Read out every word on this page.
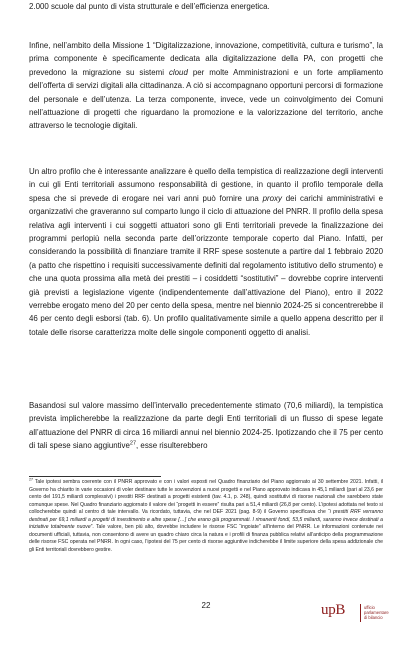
2.000 scuole dal punto di vista strutturale e dell’efficienza energetica.

Infine, nell’ambito della Missione 1 “Digitalizzazione, innovazione, competitività, cultura e turismo”, la prima componente è specificamente dedicata alla digitalizzazione della PA, con progetti che prevedono la migrazione su sistemi cloud per molte Amministrazioni e un forte ampliamento dell’offerta di servizi digitali alla cittadinanza. A ciò si accompagnano opportuni percorsi di formazione del personale e dell’utenza. La terza componente, invece, vede un coinvolgimento dei Comuni nell’attuazione di progetti che riguardano la promozione e la valorizzazione del territorio, anche attraverso le tecnologie digitali.

Un altro profilo che è interessante analizzare è quello della tempistica di realizzazione degli interventi in cui gli Enti territoriali assumono responsabilità di gestione, in quanto il profilo temporale della spesa che si prevede di erogare nei vari anni può fornire una proxy dei carichi amministrativi e organizzativi che graveranno sul comparto lungo il ciclo di attuazione del PNRR. Il profilo della spesa relativa agli interventi i cui soggetti attuatori sono gli Enti territoriali prevede la finalizzazione dei programmi perlopiù nella seconda parte dell’orizzonte temporale coperto dal Piano. Infatti, per considerando la possibilità di finanziare tramite il RRF spese sostenute a partire dal 1 febbraio 2020 (a patto che rispettino i requisiti successivamente definiti dal regolamento istitutivo dello strumento) e che una quota prossima alla metà dei prestiti – i cosiddetti “sostitutivi” – dovrebbe coprire interventi già previsti a legislazione vigente (indipendentemente dall’attivazione del Piano), entro il 2022 verrebbe erogato meno del 20 per cento della spesa, mentre nel biennio 2024-25 si concentrerebbe il 46 per cento degli esborsi (tab. 6). Un profilo qualitativamente simile a quello appena descritto per il totale delle risorse caratterizza molte delle singole componenti oggetto di analisi.

Basandosi sul valore massimo dell’intervallo precedentemente stimato (70,6 miliardi), la tempistica prevista implicherebbe la realizzazione da parte degli Enti territoriali di un flusso di spese legate all’attuazione del PNRR di circa 16 miliardi annui nel biennio 2024-25. Ipotizzando che il 75 per cento di tali spese siano aggiuntive$^{27}$, esse risulterebbero

$^{27}$ Tale ipotesi sembra coerente con il PNRR approvato e con i valori esposti nel Quadro finanziario del Piano aggiornato al 30 settembre 2021. Infatti, il Governo ha chiarito in varie occasioni di voler destinare tutte le sovvenzioni a nuovi progetti e nel Piano approvato indicava in 45,1 miliardi (pari al 23,6 per cento del 191,5 miliardi complessivi) i prestiti RRF destinati a progetti esistenti (tav. 4.1, p. 248), quindi sostitutivi di risorse nazionali che sarebbero state comunque spese. Nel Quadro finanziario aggiornato il valore dei “progetti in essere” risulta pari a 51,4 miliardi (26,8 per cento). L’ipotesi adottata nel testo si collocherebbe quindi al centro di tale intervallo. Va ricordato, tuttavia, che nel DEF 2021 (pag. 8-9) il Governo specificava che “i prestiti RRF verranno destinati per 69,1 miliardi a progetti di investimento e altre spese […] che erano già programmati. I rimanenti fondi, 53,5 miliardi, saranno invece destinati a iniziative totalmente nuove”. Tale valore, ben più alto, dovrebbe includere le risorse FSC “ingoiate” all’interno del PNRR. Le informazioni contenute nei documenti ufficiali, tuttavia, non consentono di avere un quadro chiaro circa la natura e i profili di finanza pubblica relativi all’anticipo della programmazione delle risorse FSC operata nel PNRR. In ogni caso, l’ipotesi del 75 per cento di risorse aggiuntive indicherebbe il limite superiore della spesa addizionale che gli Enti territoriali dovrebbero gestire.

22	upB	ufficio
parlamentare
di bilancio
